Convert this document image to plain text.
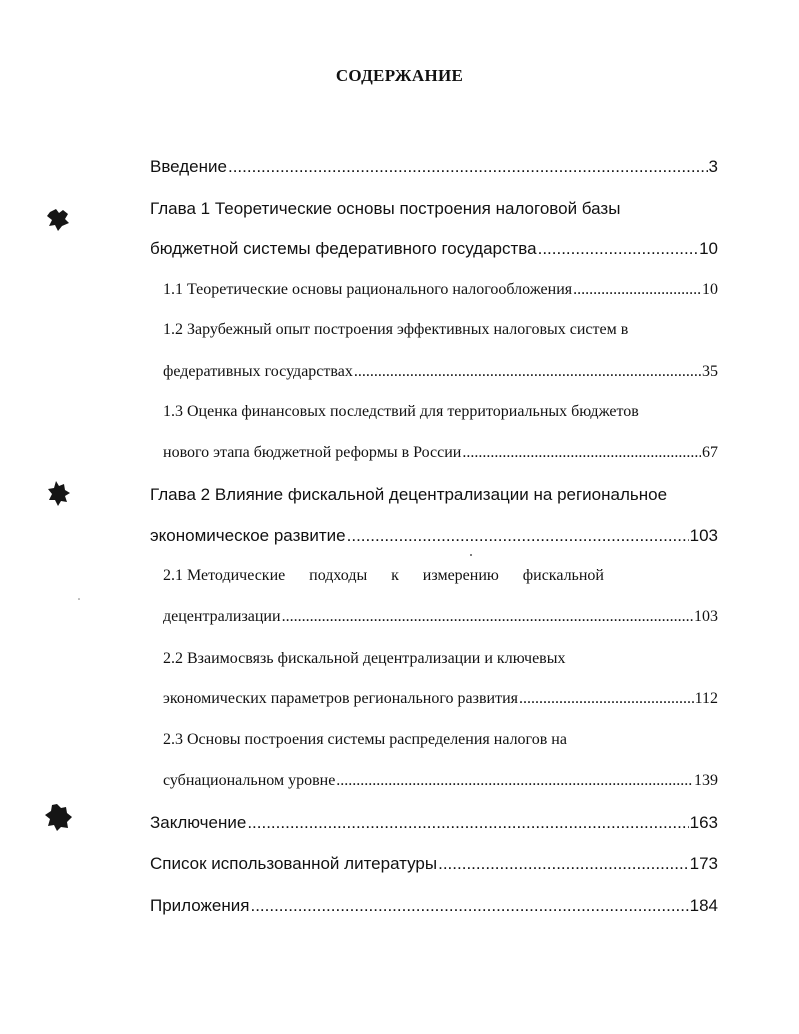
СОДЕРЖАНИЕ
Введение .....	3
Глава 1 Теоретические основы построения налоговой базы
бюджетной системы федеративного государства .....	10
1.1 Теоретические основы рационального налогообложения .....	10
1.2 Зарубежный опыт построения эффективных налоговых систем в
федеративных государствах .....	35
1.3 Оценка финансовых последствий для территориальных бюджетов
нового этапа бюджетной реформы в России .....	67
Глава 2 Влияние фискальной децентрализации на региональное
экономическое развитие .....	103
2.1 Методические подходы к измерению фискальной
децентрализации .....	103
2.2 Взаимосвязь фискальной децентрализации и ключевых
экономических параметров регионального развития .....	112
2.3 Основы построения системы распределения налогов на
субнациональном уровне .....	139
Заключение .....	163
Список использованной литературы .....	173
Приложения .....	184
